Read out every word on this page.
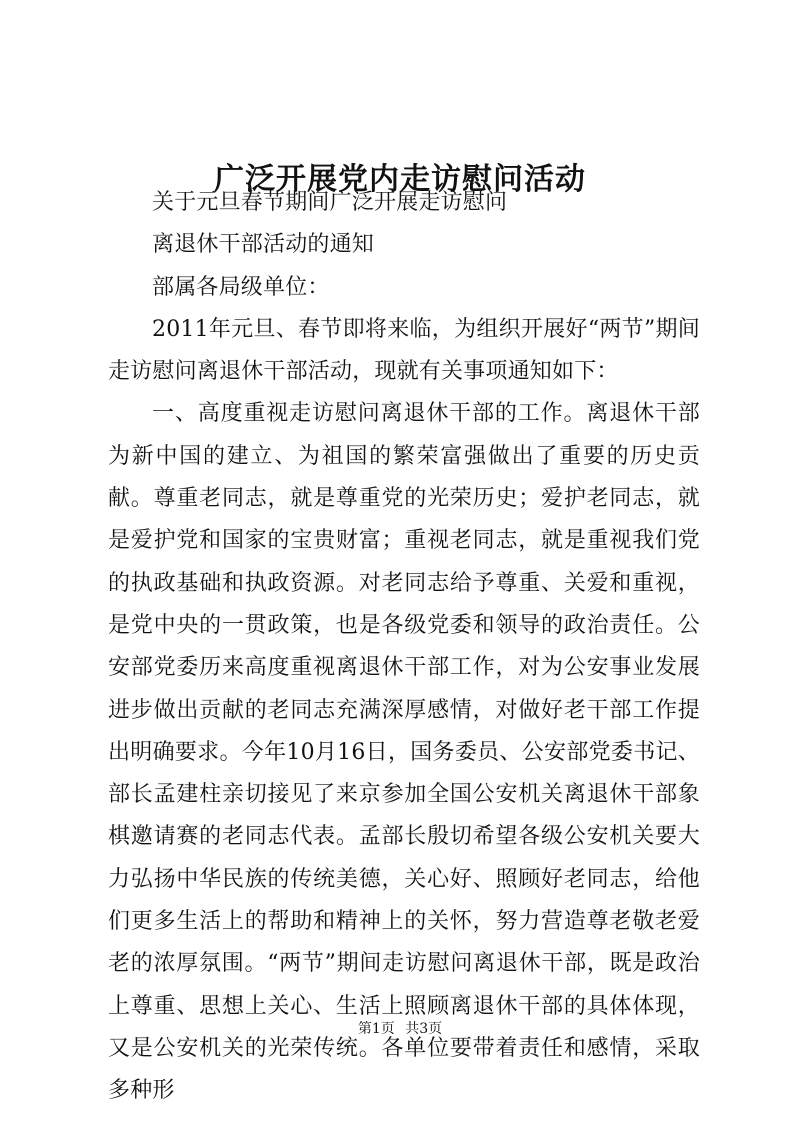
广泛开展党内走访慰问活动

关于元旦春节期间广泛开展走访慰问

离退休干部活动的通知

部属各局级单位：

2011年元旦、春节即将来临，为组织开展好“两节”期间走访慰问离退休干部活动，现就有关事项通知如下：

一、高度重视走访慰问离退休干部的工作。离退休干部为新中国的建立、为祖国的繁荣富强做出了重要的历史贡献。尊重老同志，就是尊重党的光荣历史；爱护老同志，就是爱护党和国家的宝贵财富；重视老同志，就是重视我们党的执政基础和执政资源。对老同志给予尊重、关爱和重视，是党中央的一贯政策，也是各级党委和领导的政治责任。公安部党委历来高度重视离退休干部工作，对为公安事业发展进步做出贡献的老同志充满深厚感情，对做好老干部工作提出明确要求。今年10月16日，国务委员、公安部党委书记、部长孟建柱亲切接见了来京参加全国公安机关离退休干部象棋邀请赛的老同志代表。孟部长殷切希望各级公安机关要大力弘扬中华民族的传统美德，关心好、照顾好老同志，给他们更多生活上的帮助和精神上的关怀，努力营造尊老敬老爱老的浓厚氛围。“两节”期间走访慰问离退休干部，既是政治上尊重、思想上关心、生活上照顾离退休干部的具体体现，又是公安机关的光荣传统。各单位要带着责任和感情，采取多种形

第1页 共3页
